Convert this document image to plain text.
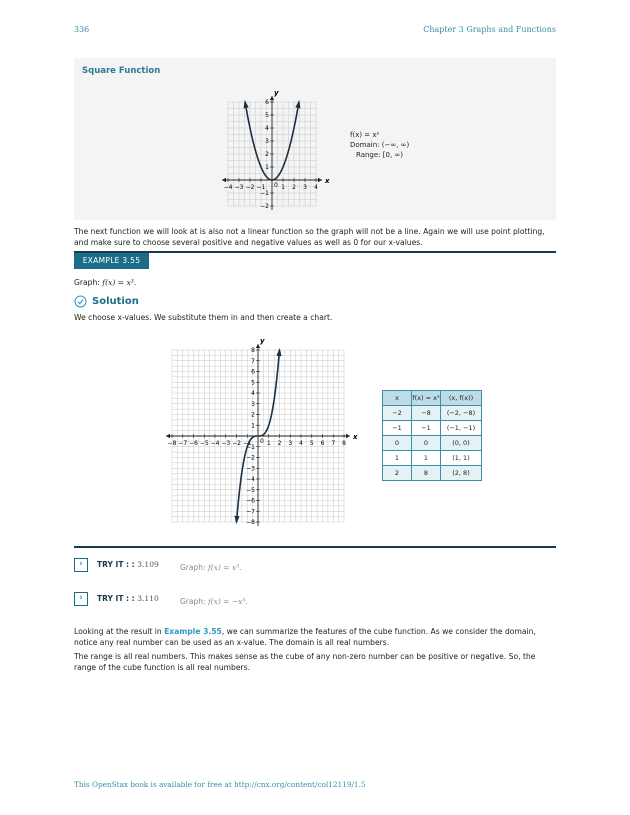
336	Chapter 3 Graphs and Functions
Square Function
x
y
−4 −3 −2 −1	1 2 3 4
−2
−1
1
2
3
4
5
6
0
f(x) = x²
Domain: (−∞, ∞)
Range: [0, ∞)
The next function we will look at is also not a linear function so the graph will not be a line. Again we will use point plotting, and make sure to choose several positive and negative values as well as 0 for our x-values.
EXAMPLE 3.55
Graph: f(x) = x³.
Solution
We choose x-values. We substitute them in and then create a chart.
x
y
−8 −7 −6 −5 −4 −3 −2 −1	1 2 3 4 5 6 7 8
−8
−7
−6
−5
−4
−3
−2
−1
1
2
3
4
5
6
7
8
0
x	f(x) = x³	(x, f(x))
−2	−8	(−2, −8)
−1	−1	(−1, −1)
0	0	(0, 0)
1	1	(1, 1)
2	8	(2, 8)
›	TRY IT : : 3.109	Graph: f(x) = x³.
›	TRY IT : : 3.110	Graph: f(x) = −x³.
Looking at the result in Example 3.55, we can summarize the features of the cube function. As we consider the domain, notice any real number can be used as an x-value. The domain is all real numbers.
The range is all real numbers. This makes sense as the cube of any non-zero number can be positive or negative. So, the range of the cube function is all real numbers.
This OpenStax book is available for free at http://cnx.org/content/col12119/1.5
